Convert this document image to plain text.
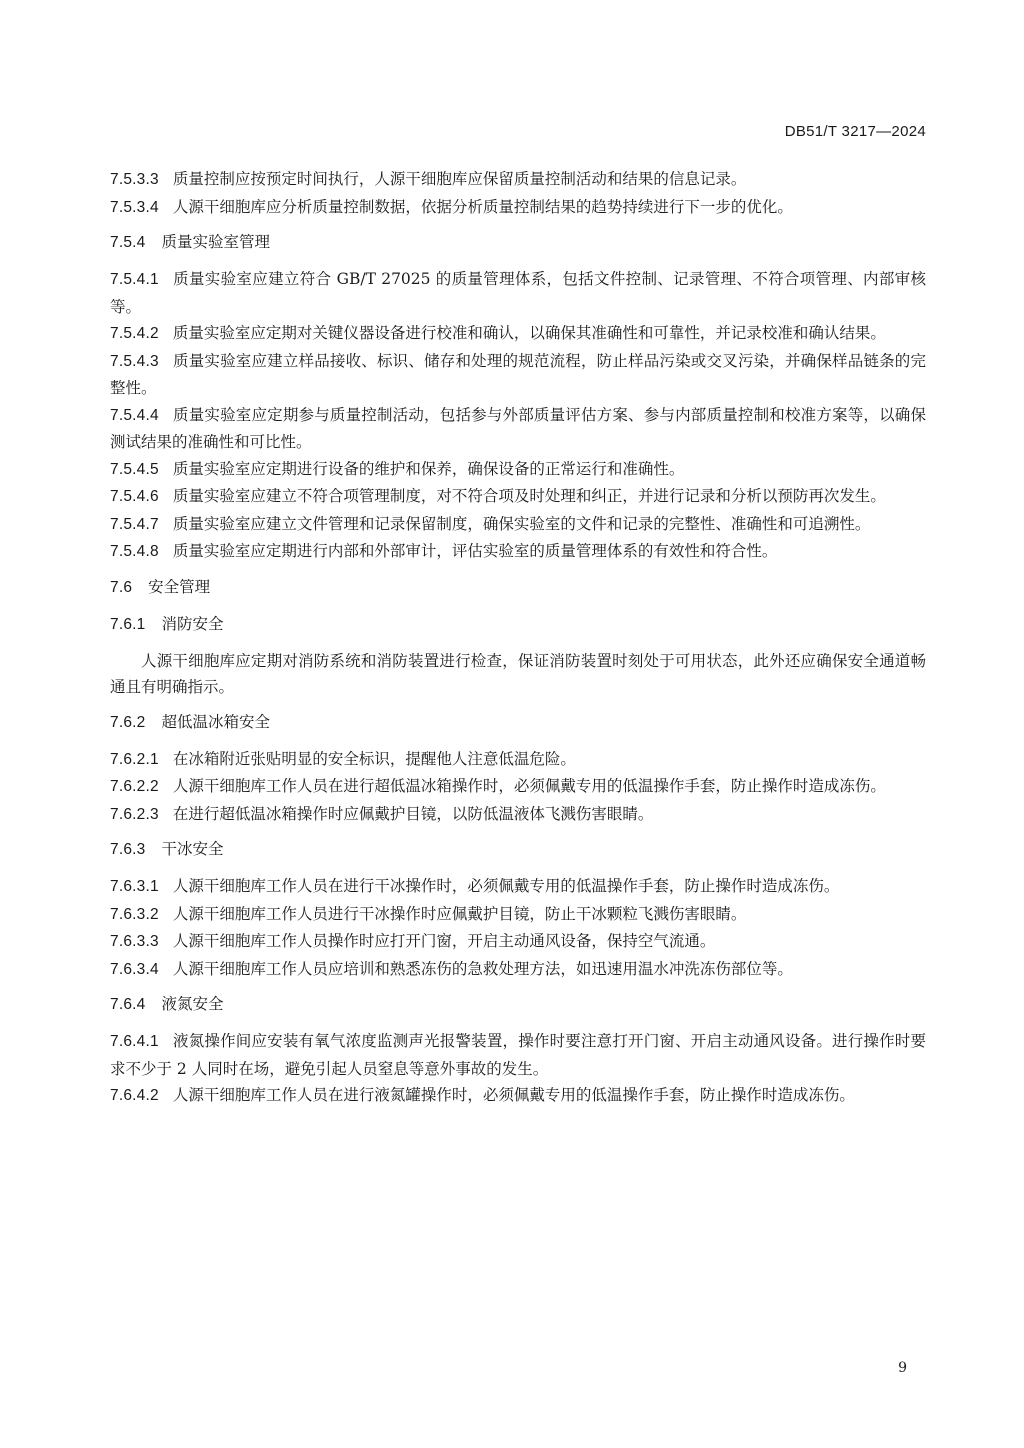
DB51/T 3217—2024

7.5.3.3 质量控制应按预定时间执行，人源干细胞库应保留质量控制活动和结果的信息记录。

7.5.3.4 人源干细胞库应分析质量控制数据，依据分析质量控制结果的趋势持续进行下一步的优化。

7.5.4 质量实验室管理

7.5.4.1 质量实验室应建立符合 GB/T 27025 的质量管理体系，包括文件控制、记录管理、不符合项管理、内部审核等。

7.5.4.2 质量实验室应定期对关键仪器设备进行校准和确认，以确保其准确性和可靠性，并记录校准和确认结果。

7.5.4.3 质量实验室应建立样品接收、标识、储存和处理的规范流程，防止样品污染或交叉污染，并确保样品链条的完整性。

7.5.4.4 质量实验室应定期参与质量控制活动，包括参与外部质量评估方案、参与内部质量控制和校准方案等，以确保测试结果的准确性和可比性。

7.5.4.5 质量实验室应定期进行设备的维护和保养，确保设备的正常运行和准确性。

7.5.4.6 质量实验室应建立不符合项管理制度，对不符合项及时处理和纠正，并进行记录和分析以预防再次发生。

7.5.4.7 质量实验室应建立文件管理和记录保留制度，确保实验室的文件和记录的完整性、准确性和可追溯性。

7.5.4.8 质量实验室应定期进行内部和外部审计，评估实验室的质量管理体系的有效性和符合性。

7.6 安全管理

7.6.1 消防安全

人源干细胞库应定期对消防系统和消防装置进行检查，保证消防装置时刻处于可用状态，此外还应确保安全通道畅通且有明确指示。

7.6.2 超低温冰箱安全

7.6.2.1 在冰箱附近张贴明显的安全标识，提醒他人注意低温危险。

7.6.2.2 人源干细胞库工作人员在进行超低温冰箱操作时，必须佩戴专用的低温操作手套，防止操作时造成冻伤。

7.6.2.3 在进行超低温冰箱操作时应佩戴护目镜，以防低温液体飞溅伤害眼睛。

7.6.3 干冰安全

7.6.3.1 人源干细胞库工作人员在进行干冰操作时，必须佩戴专用的低温操作手套，防止操作时造成冻伤。

7.6.3.2 人源干细胞库工作人员进行干冰操作时应佩戴护目镜，防止干冰颗粒飞溅伤害眼睛。

7.6.3.3 人源干细胞库工作人员操作时应打开门窗，开启主动通风设备，保持空气流通。

7.6.3.4 人源干细胞库工作人员应培训和熟悉冻伤的急救处理方法，如迅速用温水冲洗冻伤部位等。

7.6.4 液氮安全

7.6.4.1 液氮操作间应安装有氧气浓度监测声光报警装置，操作时要注意打开门窗、开启主动通风设备。进行操作时要求不少于 2 人同时在场，避免引起人员窒息等意外事故的发生。

7.6.4.2 人源干细胞库工作人员在进行液氮罐操作时，必须佩戴专用的低温操作手套，防止操作时造成冻伤。

9
